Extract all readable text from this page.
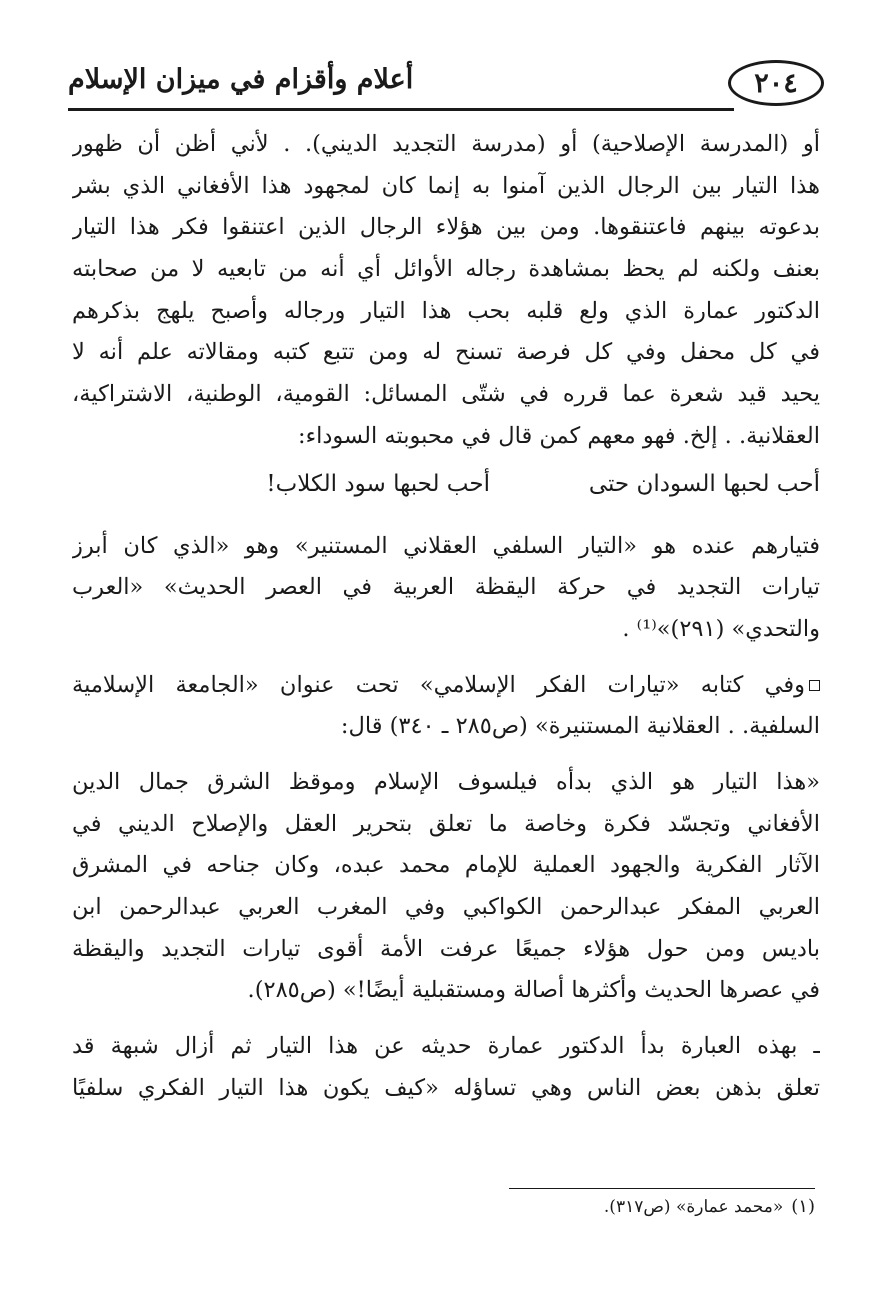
٢٠٤
أعلام وأقزام في ميزان الإسلام
أو (المدرسة الإصلاحية) أو (مدرسة التجديد الديني). . لأني أظن أن ظهور
هذا التيار بين الرجال الذين آمنوا به إنما كان لمجهود هذا الأفغاني الذي بشر
بدعوته بينهم فاعتنقوها. ومن بين هؤلاء الرجال الذين اعتنقوا فكر هذا التيار
بعنف ولكنه لم يحظ بمشاهدة رجاله الأوائل أي أنه من تابعيه لا من صحابته
الدكتور عمارة الذي ولع قلبه بحب هذا التيار ورجاله وأصبح يلهج بذكرهم
في كل محفل وفي كل فرصة تسنح له ومن تتبع كتبه ومقالاته علم أنه لا
يحيد قيد شعرة عما قرره في شتّى المسائل: القومية، الوطنية، الاشتراكية،
العقلانية. . إلخ. فهو معهم كمن قال في محبوبته السوداء:
أحب لحبها السودان حتى
أحب لحبها سود الكلاب!
فتيارهم عنده هو «التيار السلفي العقلاني المستنير» وهو «الذي كان أبرز
تيارات التجديد في حركة اليقظة العربية في العصر الحديث» «العرب
والتحدي» (٢٩١)»⁽¹⁾ .
وفي كتابه «تيارات الفكر الإسلامي» تحت عنوان «الجامعة الإسلامية
السلفية. . العقلانية المستنيرة» (ص٢٨٥ ـ ٣٤٠) قال:
«هذا التيار هو الذي بدأه فيلسوف الإسلام وموقظ الشرق جمال الدين
الأفغاني وتجسّد فكرة وخاصة ما تعلق بتحرير العقل والإصلاح الديني في
الآثار الفكرية والجهود العملية للإمام محمد عبده، وكان جناحه في المشرق
العربي المفكر عبدالرحمن الكواكبي وفي المغرب العربي عبدالرحمن ابن
باديس ومن حول هؤلاء جميعًا عرفت الأمة أقوى تيارات التجديد واليقظة
في عصرها الحديث وأكثرها أصالة ومستقبلية أيضًا!» (ص٢٨٥).
ـ بهذه العبارة بدأ الدكتور عمارة حديثه عن هذا التيار ثم أزال شبهة قد
تعلق بذهن بعض الناس وهي تساؤله «كيف يكون هذا التيار الفكري سلفيًا
(١)«محمد عمارة» (ص٣١٧).
